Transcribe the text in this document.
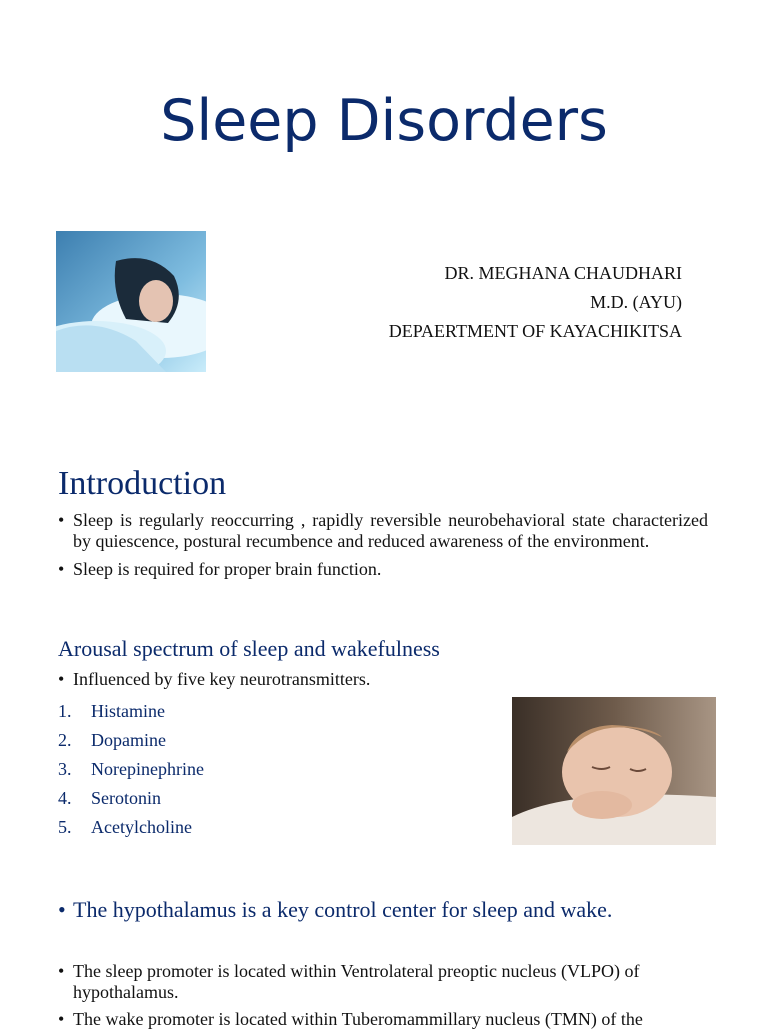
Sleep Disorders
DR. MEGHANA CHAUDHARI
M.D. (AYU)
DEPAERTMENT OF KAYACHIKITSA
Introduction
• Sleep is regularly reoccurring , rapidly reversible neurobehavioral state characterized by quiescence, postural recumbence and reduced awareness of the environment.
• Sleep is required for proper brain function.
Arousal spectrum of sleep and wakefulness
• Influenced by five key neurotransmitters.
1. Histamine
2. Dopamine
3. Norepinephrine
4. Serotonin
5. Acetylcholine

• The hypothalamus is a key control center for sleep and wake.

• The sleep promoter is located within Ventrolateral preoptic nucleus (VLPO) of hypothalamus.
• The wake promoter is located within Tuberomammillary nucleus (TMN) of the
